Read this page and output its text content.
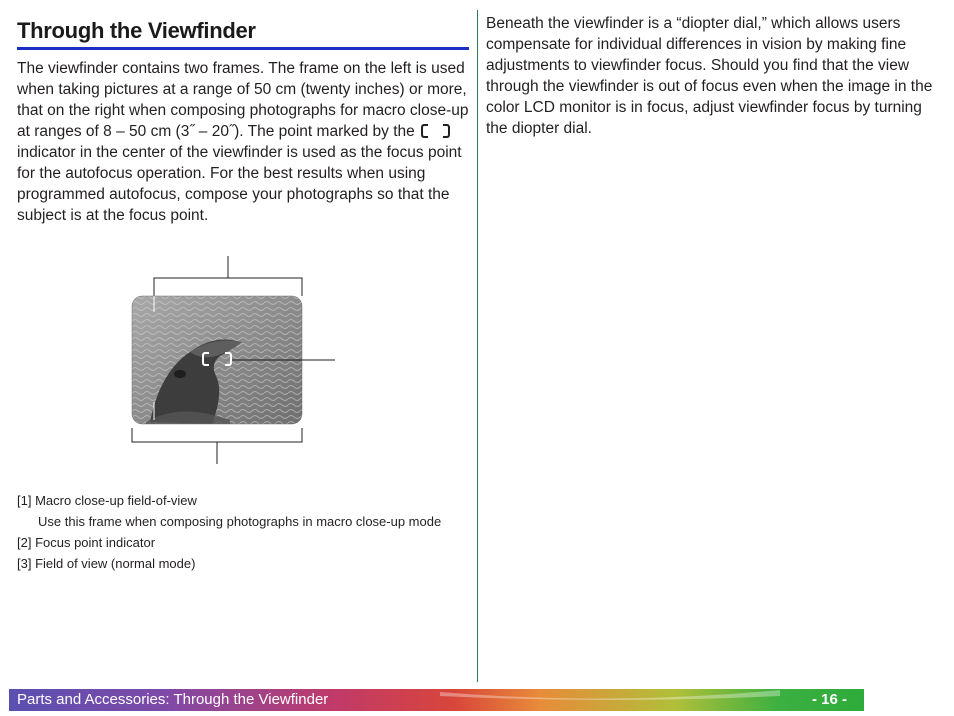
Through the Viewfinder

The viewfinder contains two frames. The frame on the left is used when taking pictures at a range of 50 cm (twenty inches) or more, that on the right when composing photographs for macro close-up at ranges of 8 – 50 cm (3˝ – 20˝). The point marked by the
indicator in the center of the viewfinder is used as the focus point for the autofocus operation. For the best results when using programmed autofocus, compose your photographs so that the subject is at the focus point.

Beneath the viewfinder is a “diopter dial,” which allows users compensate for individual differences in vision by making fine adjustments to viewfinder focus. Should you find that the view through the viewfinder is out of focus even when the image in the color LCD monitor is in focus, adjust viewfinder focus by turning the diopter dial.

[1] Macro close-up field-of-view
Use this frame when composing photographs in macro close-up mode
[2] Focus point indicator
[3] Field of view (normal mode)
Parts and Accessories: Through the Viewfinder	- 16 -
